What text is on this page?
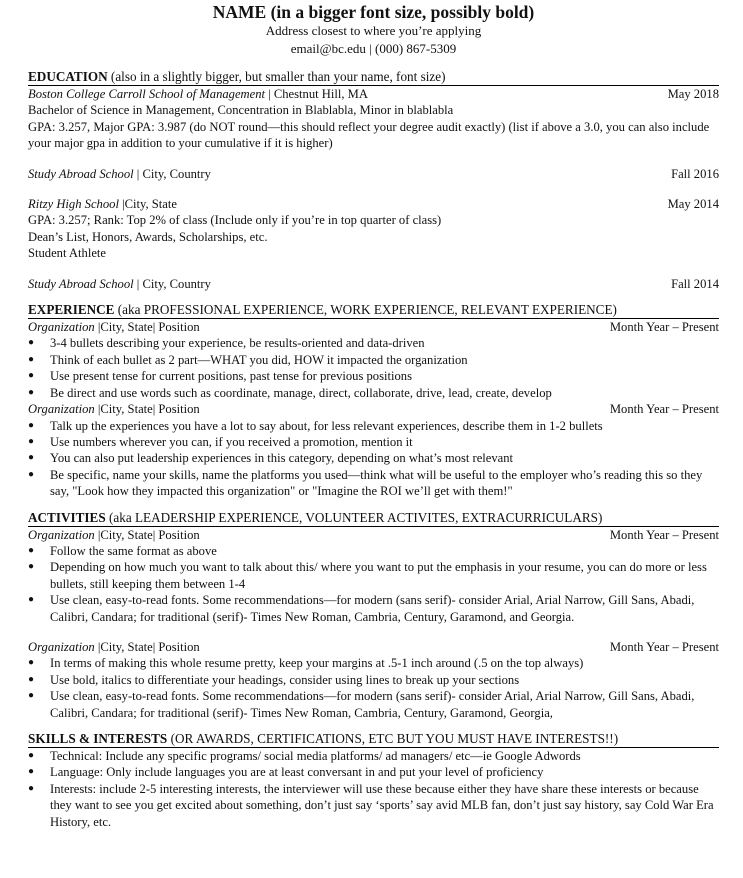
NAME (in a bigger font size, possibly bold)
Address closest to where you’re applying
email@bc.edu | (000) 867-5309
EDUCATION (also in a slightly bigger, but smaller than your name, font size)
Boston College Carroll School of Management | Chestnut Hill, MA	May 2018
Bachelor of Science in Management, Concentration in Blablabla, Minor in blablabla
GPA: 3.257, Major GPA: 3.987 (do NOT round—this should reflect your degree audit exactly) (list if above a 3.0, you can also include your major gpa in addition to your cumulative if it is higher)
Study Abroad School | City, Country	Fall 2016
Ritzy High School |City, State	May 2014
GPA: 3.257; Rank: Top 2% of class (Include only if you’re in top quarter of class)
Dean’s List, Honors, Awards, Scholarships, etc.
Student Athlete
Study Abroad School | City, Country	Fall 2014
EXPERIENCE (aka PROFESSIONAL EXPERIENCE, WORK EXPERIENCE, RELEVANT EXPERIENCE)
Organization |City, State| Position	Month Year – Present
● 3-4 bullets describing your experience, be results-oriented and data-driven
● Think of each bullet as 2 part—WHAT you did, HOW it impacted the organization
● Use present tense for current positions, past tense for previous positions
● Be direct and use words such as coordinate, manage, direct, collaborate, drive, lead, create, develop
Organization |City, State| Position	Month Year – Present
● Talk up the experiences you have a lot to say about, for less relevant experiences, describe them in 1-2 bullets
● Use numbers wherever you can, if you received a promotion, mention it
● You can also put leadership experiences in this category, depending on what’s most relevant
● Be specific, name your skills, name the platforms you used—think what will be useful to the employer who’s reading this so they say, "Look how they impacted this organization" or "Imagine the ROI we’ll get with them!"
ACTIVITIES (aka LEADERSHIP EXPERIENCE, VOLUNTEER ACTIVITES, EXTRACURRICULARS)
Organization |City, State| Position	Month Year – Present
● Follow the same format as above
● Depending on how much you want to talk about this/ where you want to put the emphasis in your resume, you can do more or less bullets, still keeping them between 1-4
● Use clean, easy-to-read fonts. Some recommendations—for modern (sans serif)- consider Arial, Arial Narrow, Gill Sans, Abadi, Calibri, Candara; for traditional (serif)- Times New Roman, Cambria, Century, Garamond, and Georgia.
Organization |City, State| Position	Month Year – Present
● In terms of making this whole resume pretty, keep your margins at .5-1 inch around (.5 on the top always)
● Use bold, italics to differentiate your headings, consider using lines to break up your sections
● Use clean, easy-to-read fonts. Some recommendations—for modern (sans serif)- consider Arial, Arial Narrow, Gill Sans, Abadi, Calibri, Candara; for traditional (serif)- Times New Roman, Cambria, Century, Garamond, Georgia,
SKILLS & INTERESTS (OR AWARDS, CERTIFICATIONS, ETC BUT YOU MUST HAVE INTERESTS!!)
● Technical: Include any specific programs/ social media platforms/ ad managers/ etc—ie Google Adwords
● Language: Only include languages you are at least conversant in and put your level of proficiency
● Interests: include 2-5 interesting interests, the interviewer will use these because either they have share these interests or because they want to see you get excited about something, don’t just say ‘sports’ say avid MLB fan, don’t just say history, say Cold War Era History, etc.
